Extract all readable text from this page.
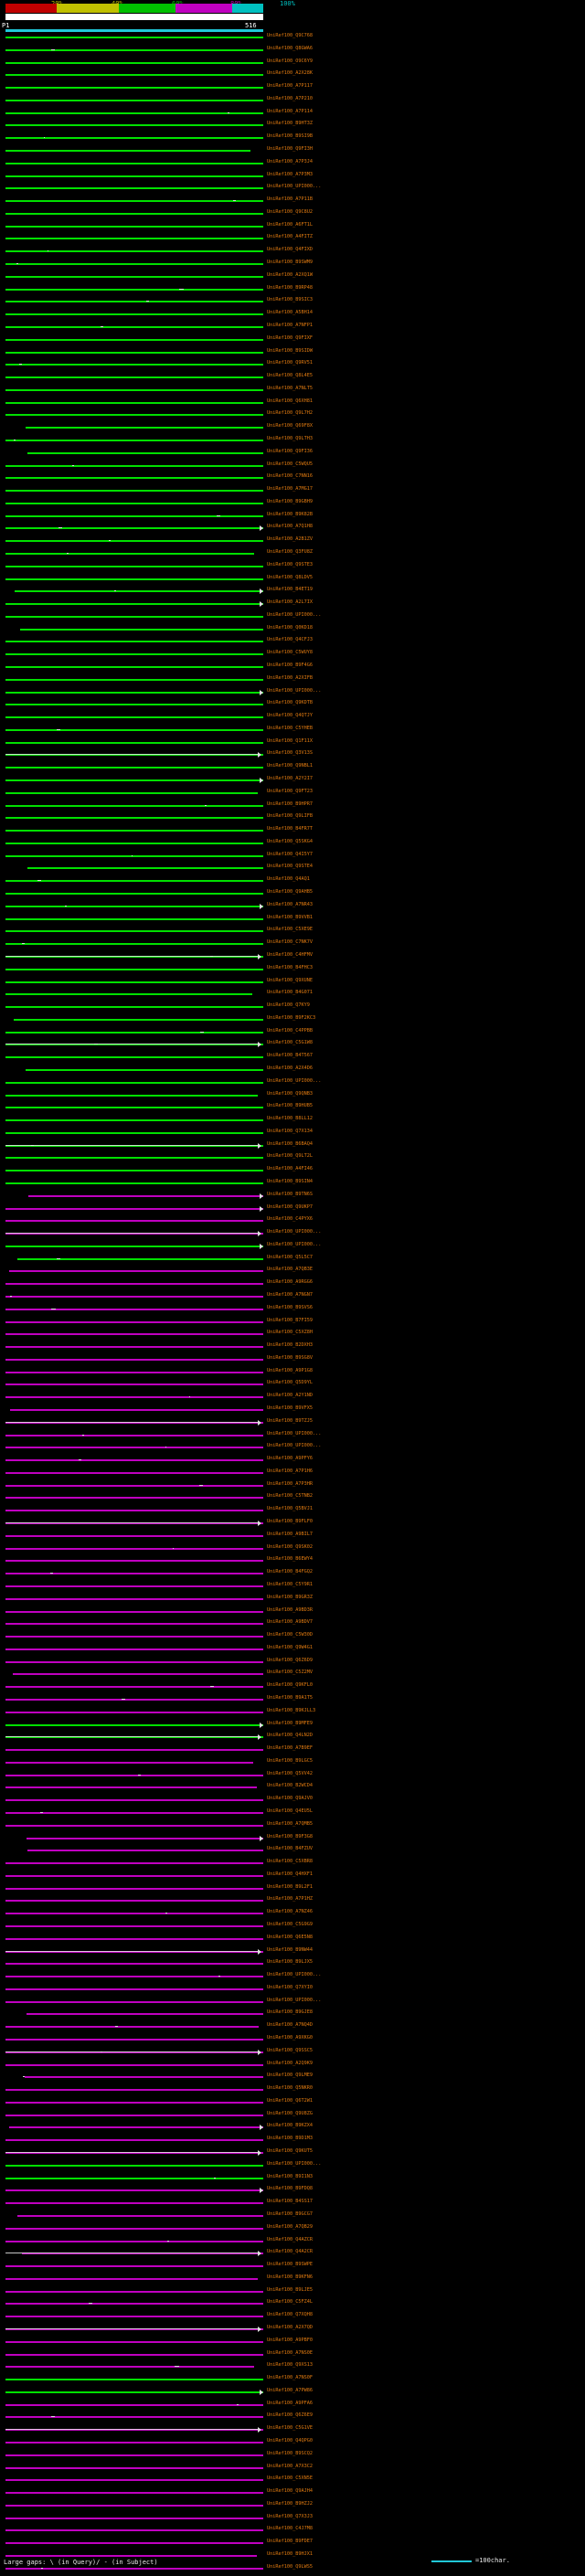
100%
P1	516
UniRef100_Q9C768
UniRef100_Q8GWA6
UniRef100_O9C6Y9
UniRef100_A2X28K
UniRef100_A7P117
UniRef100_A7P210
UniRef100_A7P114
UniRef100_B9HT3Z
UniRef100_B9SI9B
UniRef100_Q9FI3H
UniRef100_A7P3J4
UniRef100_A7P3M3
UniRef100_UPI000...
UniRef100_A7P11B
UniRef100_Q9C8U2
UniRef100_A6FT1L
UniRef100_A4FITZ
UniRef100_Q4FIXD
UniRef100_B9SWM9
UniRef100_A2XQ1W
UniRef100_B9RP48
UniRef100_B9SIC3
UniRef100_A5BH14
UniRef100_A7NFP1
UniRef100_Q9FIXF
UniRef100_B9SIDW
UniRef100_Q9RV51
UniRef100_Q8L4E5
UniRef100_A7NLT5
UniRef100_Q6XH81
UniRef100_Q9L7H2
UniRef100_Q69F8X
UniRef100_Q9LTH3
UniRef100_Q9FI36
UniRef100_C5WQU5
UniRef100_C7NN16
UniRef100_A7MG17
UniRef100_B9GBH9
UniRef100_B9K82B
UniRef100_A7Q1H8
UniRef100_A2B1ZV
UniRef100_Q3FU8Z
UniRef100_Q9STE3
UniRef100_Q8LDV5
UniRef100_B4ET19
UniRef100_A2L7IX
UniRef100_UPI000...
UniRef100_Q0KD18
UniRef100_Q4CFJ3
UniRef100_C5WUY8
UniRef100_B9F4G6
UniRef100_A2XIFB
UniRef100_UPI000...
UniRef100_Q9KDTB
UniRef100_Q4QTJY
UniRef100_C5YHEB
UniRef100_Q1F11X
UniRef100_Q3V13S
UniRef100_Q9NBL1
UniRef100_A2Y2I7
UniRef100_Q9FT23
UniRef100_B9HPR7
UniRef100_Q9LIFB
UniRef100_B4FR7T
UniRef100_Q5SKG4
UniRef100_Q4I5Y7
UniRef100_Q9STE4
UniRef100_Q4AQ1
UniRef100_Q9AHB5
UniRef100_A7NR43
UniRef100_B9VVB1
UniRef100_C5XE9E
UniRef100_C7NK7V
UniRef100_C4HFMV
UniRef100_B4FHC3
UniRef100_Q9XUNE
UniRef100_B4G071
UniRef100_Q7KY9
UniRef100_B9F2KC3
UniRef100_C4PPBB
UniRef100_C5G1W8
UniRef100_B4T567
UniRef100_A2X4D6
UniRef100_UPI000...
UniRef100_Q9QNB3
UniRef100_B9HUB5
UniRef100_B8LL12
UniRef100_Q7X134
UniRef100_B6BAQ4
UniRef100_Q9LT2L
UniRef100_A4FI46
UniRef100_B9SIN4
UniRef100_B9TN6S
UniRef100_Q9UKP7
UniRef100_C4PYX6
UniRef100_UPI000...
UniRef100_UPI000...
UniRef100_Q5L5C7
UniRef100_A7QB3E
UniRef100_A9RGG6
UniRef100_A7NGN7
UniRef100_B9SVS6
UniRef100_B7FI59
UniRef100_C5XZ8H
UniRef100_B2DXH3
UniRef100_B9SG8V
UniRef100_A9P1G8
UniRef100_Q5D9YL
UniRef100_A2Y1ND
UniRef100_B9VFX5
UniRef100_B9TZJ5
UniRef100_UPI000...
UniRef100_UPI000...
UniRef100_A9PFY6
UniRef100_A7P1H6
UniRef100_A7P3HR
UniRef100_C5TNB2
UniRef100_Q5BVJ1
UniRef100_B9FLF0
UniRef100_A9BIL7
UniRef100_Q9SK02
UniRef100_B6EWY4
UniRef100_B4FGQ2
UniRef100_C5Y9R1
UniRef100_B9GR3Z
UniRef100_A9BD3R
UniRef100_A9BDV7
UniRef100_C5W30D
UniRef100_Q9W4G1
UniRef100_Q6Z6D9
UniRef100_C5Z2MV
UniRef100_Q9KFL0
UniRef100_B9A1T5
UniRef100_B9KJLL3
UniRef100_B9MFE9
UniRef100_Q4LN2D
UniRef100_A7B9EF
UniRef100_B9LGC5
UniRef100_Q5VV42
UniRef100_B2WCD4
UniRef100_Q9AJV0
UniRef100_Q4EU5L
UniRef100_A7QMB5
UniRef100_B9F3G8
UniRef100_B4FZUV
UniRef100_C5XBR8
UniRef100_Q4HXF1
UniRef100_B9L2F1
UniRef100_A7P1HZ
UniRef100_A7NZ46
UniRef100_C5G9G9
UniRef100_Q6E5N8
UniRef100_B9NW44
UniRef100_B9LJX5
UniRef100_UPI000...
UniRef100_Q7XYI0
UniRef100_UPI000...
UniRef100_B9GJE8
UniRef100_A7NQ4D
UniRef100_A9XKG0
UniRef100_Q9SSC5
UniRef100_A2Q9K9
UniRef100_Q9LME9
UniRef100_Q5NKR0
UniRef100_Q6T2W1
UniRef100_Q9U8ZG
UniRef100_B9KZX4
UniRef100_B9D1M3
UniRef100_Q9KUT5
UniRef100_UPI000...
UniRef100_B9I1N3
UniRef100_B9FDQ8
UniRef100_B4SS17
UniRef100_B9GCG7
UniRef100_A7QB29
UniRef100_Q4AZCR
UniRef100_Q4A2CR
UniRef100_B9SWPE
UniRef100_B9KFN6
UniRef100_B9LJE5
UniRef100_C5FZ4L
UniRef100_Q7XQH8
UniRef100_A2X7QD
UniRef100_A9PBF0
UniRef100_A7NS0E
UniRef100_Q9XS13
UniRef100_A7NS0F
UniRef100_A7PW86
UniRef100_A9PFA6
UniRef100_Q6Z6E9
UniRef100_C5G1VE
UniRef100_Q4QPG0
UniRef100_B9SCQ2
UniRef100_A7X3C2
UniRef100_C5XN5E
UniRef100_Q9AJH4
UniRef100_B9HZJ2
UniRef100_Q7X3J3
UniRef100_C4J7M8
UniRef100_B9FDE7
UniRef100_B9HJX1
UniRef100_Q9LWS5
Large gaps: \ (in Query)/ - (in Subject)	=100char.
